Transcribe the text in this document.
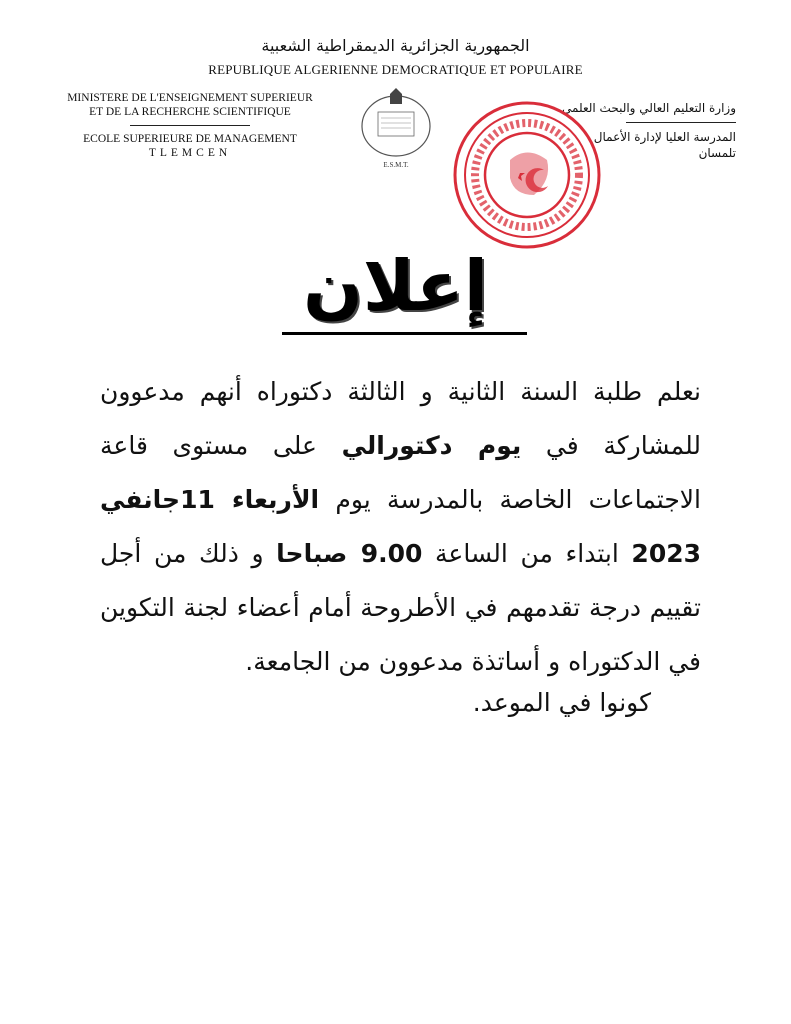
الجمهورية الجزائرية الديمقراطية الشعبية
REPUBLIQUE ALGERIENNE DEMOCRATIQUE ET POPULAIRE
MINISTERE DE L'ENSEIGNEMENT SUPERIEUR
ET DE LA RECHERCHE SCIENTIFIQUE
ECOLE SUPERIEURE DE MANAGEMENT
TLEMCEN
وزارة التعليم العالي والبحث العلمي
المدرسة العليا لإدارة الأعمال
تلمسان
E.S.M.T.
إعلان

نعلم طلبة السنة الثانية و الثالثة دكتوراه أنهم مدعوون للمشاركة في يوم دكتورالي على مستوى قاعة الاجتماعات الخاصة بالمدرسة يوم الأربعاء 11جانفي 2023 ابتداء من الساعة 9.00 صباحا و ذلك من أجل تقييم درجة تقدمهم في الأطروحة أمام أعضاء لجنة التكوين في الدكتوراه و أساتذة مدعوون من الجامعة.

كونوا في الموعد.
